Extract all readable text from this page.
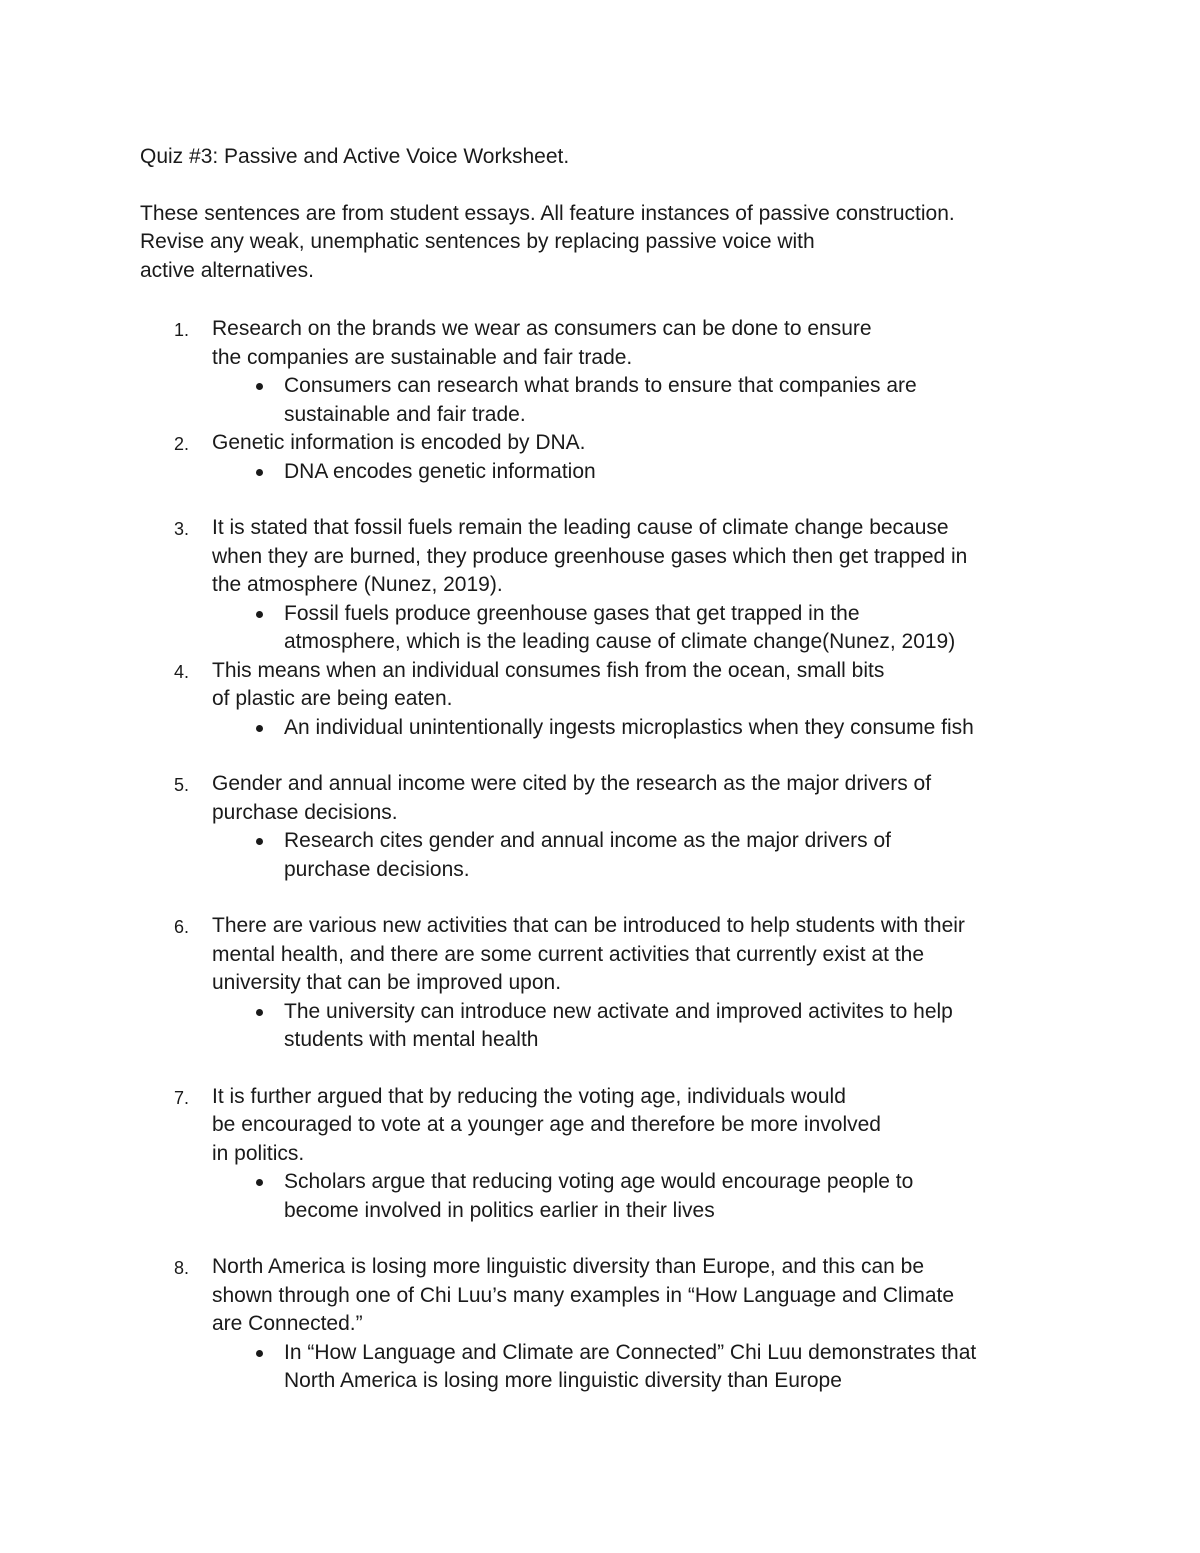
Quiz #3: Passive and Active Voice Worksheet.

These sentences are from student essays. All feature instances of passive construction.
Revise any weak, unemphatic sentences by replacing passive voice with
active alternatives.
1. Research on the brands we wear as consumers can be done to ensure
the companies are sustainable and fair trade.
Consumers can research what brands to ensure that companies are
sustainable and fair trade.
2. Genetic information is encoded by DNA.
DNA encodes genetic information
3. It is stated that fossil fuels remain the leading cause of climate change because
when they are burned, they produce greenhouse gases which then get trapped in
the atmosphere (Nunez, 2019).
Fossil fuels produce greenhouse gases that get trapped in the
atmosphere, which is the leading cause of climate change(Nunez, 2019)
4. This means when an individual consumes fish from the ocean, small bits
of plastic are being eaten.
An individual unintentionally ingests microplastics when they consume fish
5. Gender and annual income were cited by the research as the major drivers of
purchase decisions.
Research cites gender and annual income as the major drivers of
purchase decisions.
6. There are various new activities that can be introduced to help students with their
mental health, and there are some current activities that currently exist at the
university that can be improved upon.
The university can introduce new activate and improved activites to help
students with mental health
7. It is further argued that by reducing the voting age, individuals would
be encouraged to vote at a younger age and therefore be more involved
in politics.
Scholars argue that reducing voting age would encourage people to
become involved in politics earlier in their lives
8. North America is losing more linguistic diversity than Europe, and this can be
shown through one of Chi Luu’s many examples in “How Language and Climate
are Connected.”
In “How Language and Climate are Connected” Chi Luu demonstrates that
North America is losing more linguistic diversity than Europe
